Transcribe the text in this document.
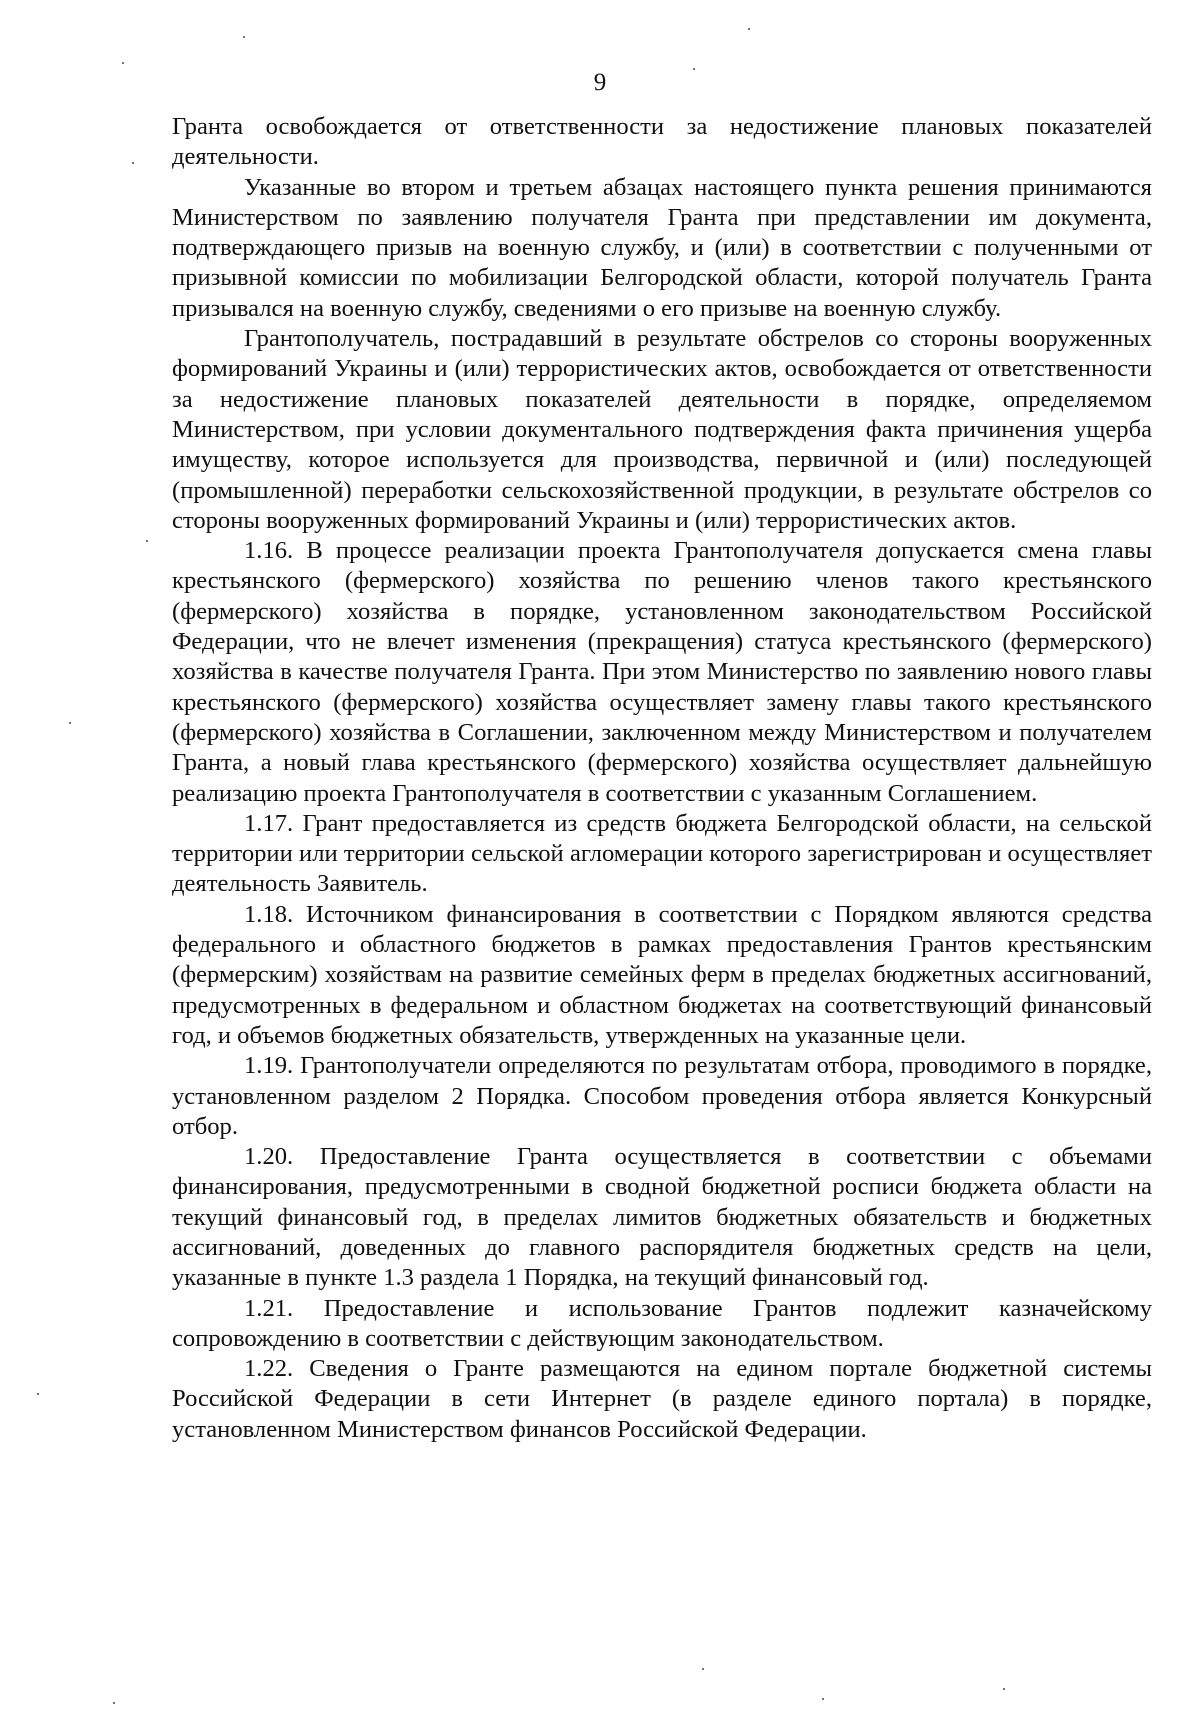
9

Гранта освобождается от ответственности за недостижение плановых показателей деятельности.

Указанные во втором и третьем абзацах настоящего пункта решения принимаются Министерством по заявлению получателя Гранта при представлении им документа, подтверждающего призыв на военную службу, и (или) в соответствии с полученными от призывной комиссии по мобилизации Белгородской области, которой получатель Гранта призывался на военную службу, сведениями о его призыве на военную службу.

Грантополучатель, пострадавший в результате обстрелов со стороны вооруженных формирований Украины и (или) террористических актов, освобождается от ответственности за недостижение плановых показателей деятельности в порядке, определяемом Министерством, при условии документального подтверждения факта причинения ущерба имуществу, которое используется для производства, первичной и (или) последующей (промышленной) переработки сельскохозяйственной продукции, в результате обстрелов со стороны вооруженных формирований Украины и (или) террористических актов.

1.16. В процессе реализации проекта Грантополучателя допускается смена главы крестьянского (фермерского) хозяйства по решению членов такого крестьянского (фермерского) хозяйства в порядке, установленном законодательством Российской Федерации, что не влечет изменения (прекращения) статуса крестьянского (фермерского) хозяйства в качестве получателя Гранта. При этом Министерство по заявлению нового главы крестьянского (фермерского) хозяйства осуществляет замену главы такого крестьянского (фермерского) хозяйства в Соглашении, заключенном между Министерством и получателем Гранта, а новый глава крестьянского (фермерского) хозяйства осуществляет дальнейшую реализацию проекта Грантополучателя в соответствии с указанным Соглашением.

1.17. Грант предоставляется из средств бюджета Белгородской области, на сельской территории или территории сельской агломерации которого зарегистрирован и осуществляет деятельность Заявитель.

1.18. Источником финансирования в соответствии с Порядком являются средства федерального и областного бюджетов в рамках предоставления Грантов крестьянским (фермерским) хозяйствам на развитие семейных ферм в пределах бюджетных ассигнований, предусмотренных в федеральном и областном бюджетах на соответствующий финансовый год, и объемов бюджетных обязательств, утвержденных на указанные цели.

1.19. Грантополучатели определяются по результатам отбора, проводимого в порядке, установленном разделом 2 Порядка. Способом проведения отбора является Конкурсный отбор.

1.20. Предоставление Гранта осуществляется в соответствии с объемами финансирования, предусмотренными в сводной бюджетной росписи бюджета области на текущий финансовый год, в пределах лимитов бюджетных обязательств и бюджетных ассигнований, доведенных до главного распорядителя бюджетных средств на цели, указанные в пункте 1.3 раздела 1 Порядка, на текущий финансовый год.

1.21. Предоставление и использование Грантов подлежит казначейскому сопровождению в соответствии с действующим законодательством.

1.22. Сведения о Гранте размещаются на едином портале бюджетной системы Российской Федерации в сети Интернет (в разделе единого портала) в порядке, установленном Министерством финансов Российской Федерации.
